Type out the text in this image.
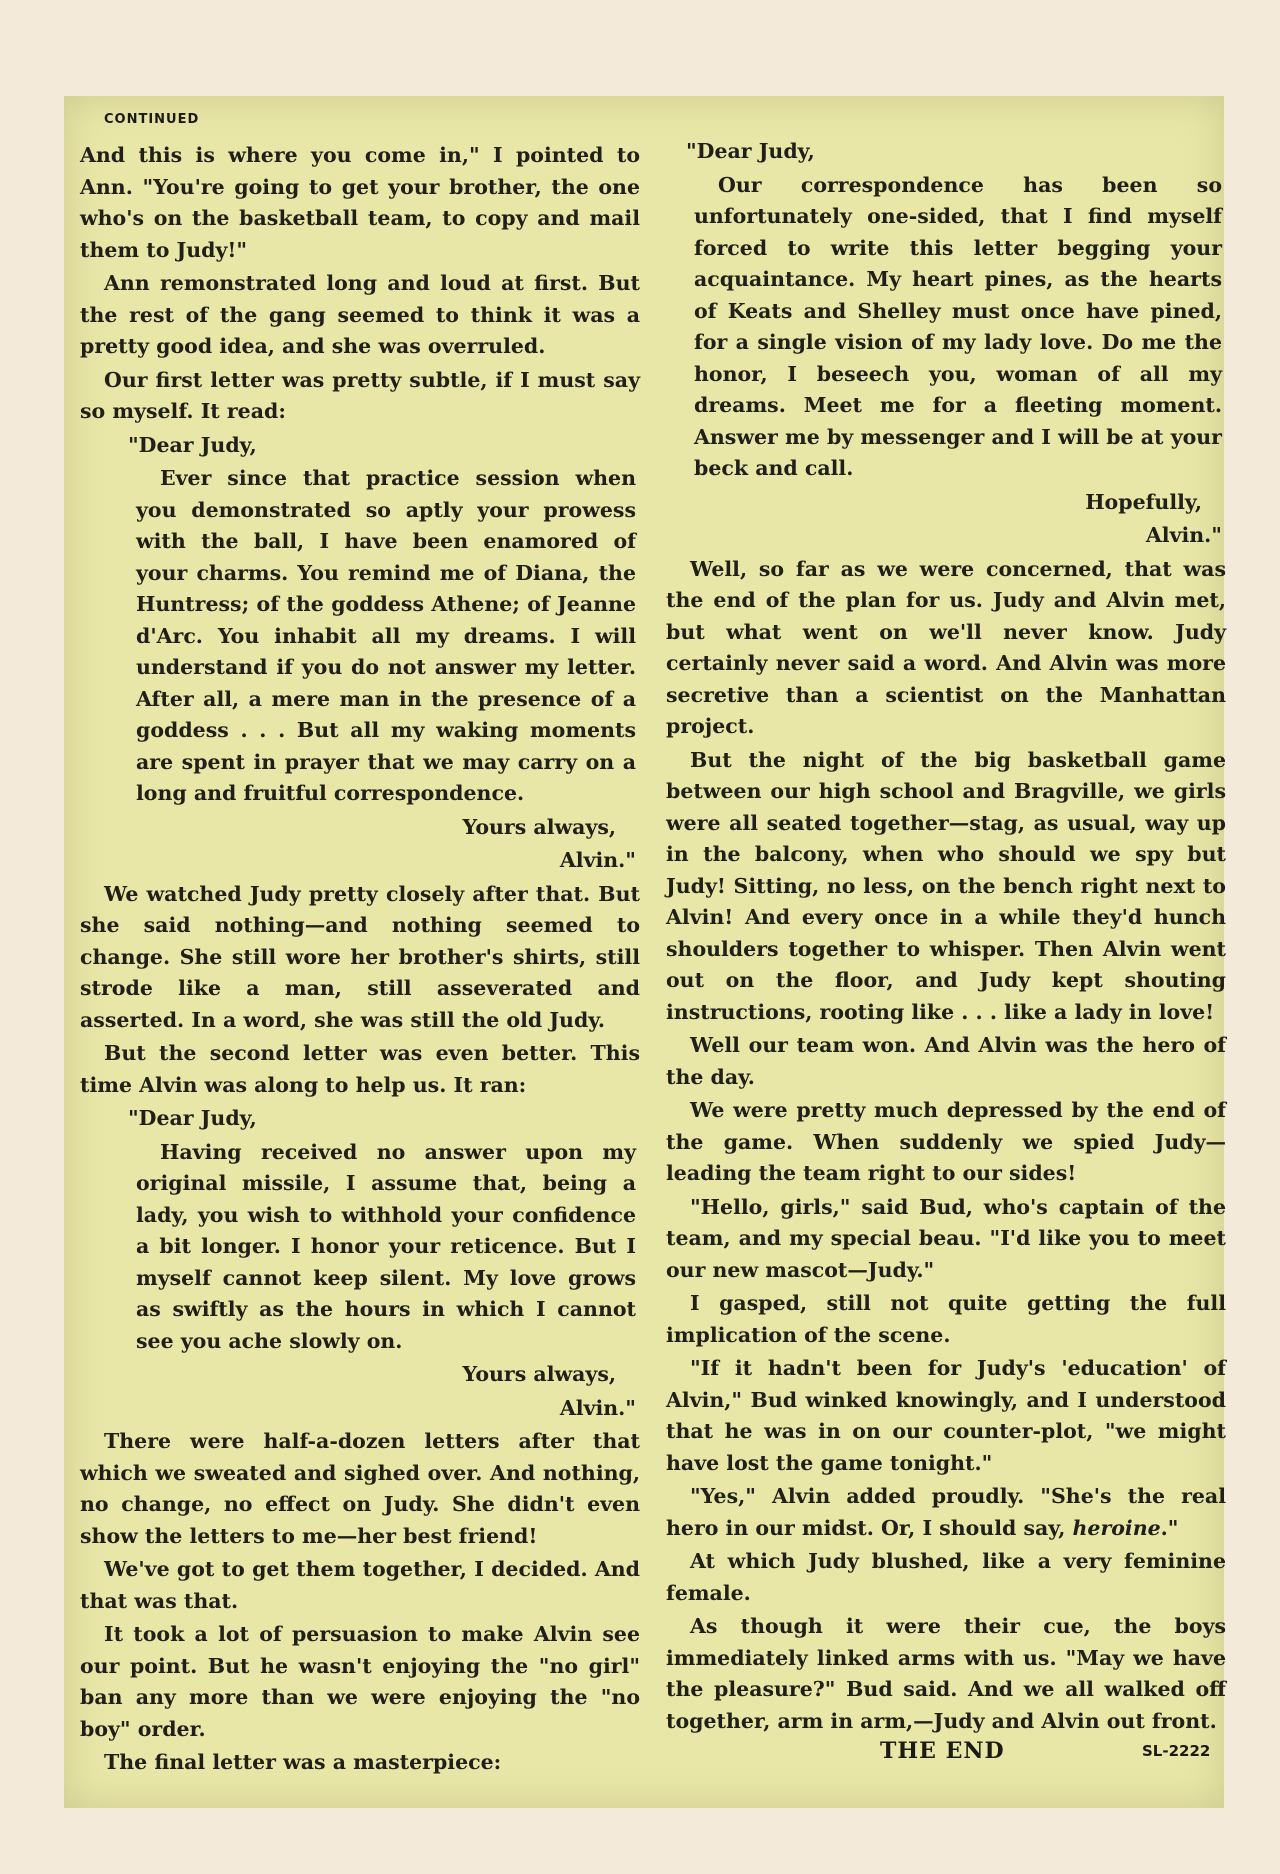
CONTINUED

And this is where you come in," I pointed to Ann. "You're going to get your brother, the one who's on the basketball team, to copy and mail them to Judy!"

Ann remonstrated long and loud at first. But the rest of the gang seemed to think it was a pretty good idea, and she was overruled.

Our first letter was pretty subtle, if I must say so myself. It read:

"Dear Judy,

Ever since that practice session when you demonstrated so aptly your prowess with the ball, I have been enamored of your charms. You remind me of Diana, the Huntress; of the goddess Athene; of Jeanne d'Arc. You inhabit all my dreams. I will understand if you do not answer my letter. After all, a mere man in the presence of a goddess . . . But all my waking moments are spent in prayer that we may carry on a long and fruitful correspondence.

Yours always,

Alvin."

We watched Judy pretty closely after that. But she said nothing—and nothing seemed to change. She still wore her brother's shirts, still strode like a man, still asseverated and asserted. In a word, she was still the old Judy.

But the second letter was even better. This time Alvin was along to help us. It ran:

"Dear Judy,

Having received no answer upon my original missile, I assume that, being a lady, you wish to withhold your confidence a bit longer. I honor your reticence. But I myself cannot keep silent. My love grows as swiftly as the hours in which I cannot see you ache slowly on.

Yours always,

Alvin."

There were half-a-dozen letters after that which we sweated and sighed over. And nothing, no change, no effect on Judy. She didn't even show the letters to me—her best friend!

We've got to get them together, I decided. And that was that.

It took a lot of persuasion to make Alvin see our point. But he wasn't enjoying the "no girl" ban any more than we were enjoying the "no boy" order.

The final letter was a masterpiece:

"Dear Judy,

Our correspondence has been so unfortunately one-sided, that I find myself forced to write this letter begging your acquaintance. My heart pines, as the hearts of Keats and Shelley must once have pined, for a single vision of my lady love. Do me the honor, I beseech you, woman of all my dreams. Meet me for a fleeting moment. Answer me by messenger and I will be at your beck and call.

Hopefully,

Alvin."

Well, so far as we were concerned, that was the end of the plan for us. Judy and Alvin met, but what went on we'll never know. Judy certainly never said a word. And Alvin was more secretive than a scientist on the Manhattan project.

But the night of the big basketball game between our high school and Bragville, we girls were all seated together—stag, as usual, way up in the balcony, when who should we spy but Judy! Sitting, no less, on the bench right next to Alvin! And every once in a while they'd hunch shoulders together to whisper. Then Alvin went out on the floor, and Judy kept shouting instructions, rooting like . . . like a lady in love!

Well our team won. And Alvin was the hero of the day.

We were pretty much depressed by the end of the game. When suddenly we spied Judy—leading the team right to our sides!

"Hello, girls," said Bud, who's captain of the team, and my special beau. "I'd like you to meet our new mascot—Judy."

I gasped, still not quite getting the full implication of the scene.

"If it hadn't been for Judy's 'education' of Alvin," Bud winked knowingly, and I understood that he was in on our counter-plot, "we might have lost the game tonight."

"Yes," Alvin added proudly. "She's the real hero in our midst. Or, I should say, heroine."

At which Judy blushed, like a very feminine female.

As though it were their cue, the boys immediately linked arms with us. "May we have the pleasure?" Bud said. And we all walked off together, arm in arm,—Judy and Alvin out front.

THE END	SL-2222
